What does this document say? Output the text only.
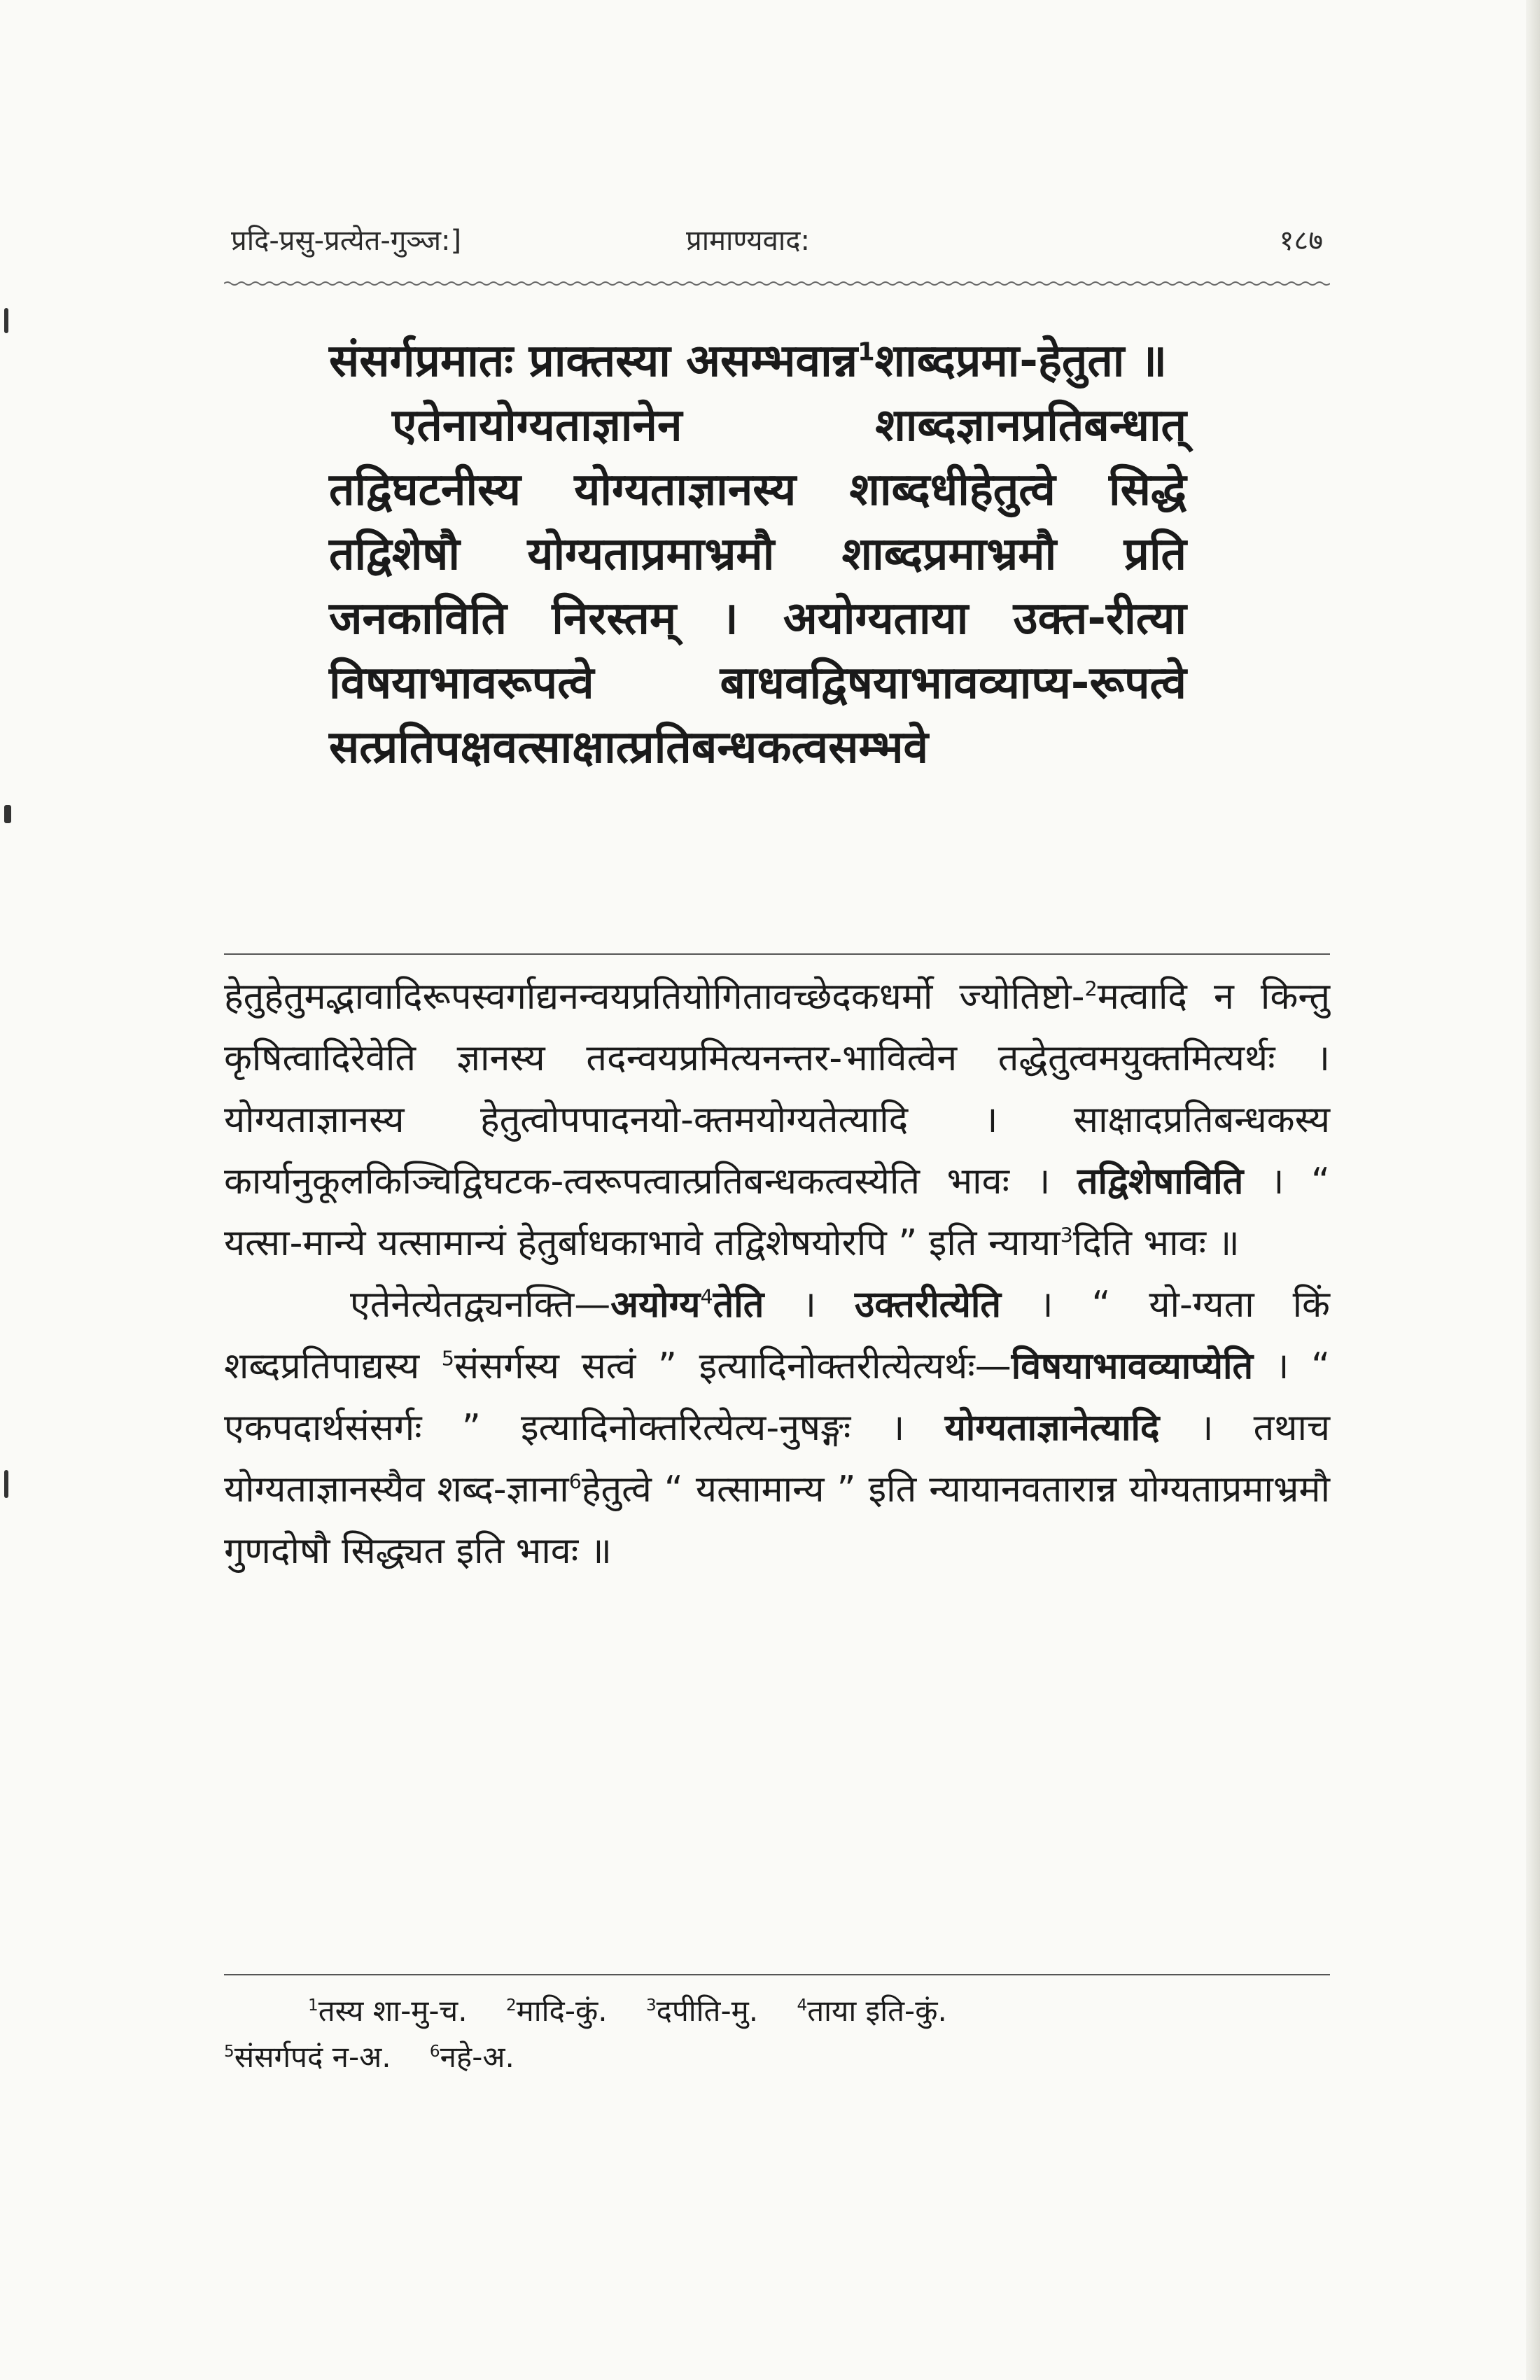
प्रदि-प्रसु-प्रत्येत-गुञ्ज:]	प्रामाण्यवाद:	१८७

संसर्गप्रमातः प्राक्तस्या असम्भवान्न$^1$शाब्दप्रमा-हेतुता ॥

एतेनायोग्यताज्ञानेन शाब्दज्ञानप्रतिबन्धात् तद्विघटनीस्य योग्यताज्ञानस्य शाब्दधीहेतुत्वे सिद्धे तद्विशेषौ योग्यताप्रमाभ्रमौ शाब्दप्रमाभ्रमौ प्रति जनकाविति निरस्तम् । अयोग्यताया उक्त-रीत्या विषयाभावरूपत्वे बाधवद्विषयाभावव्याप्य-रूपत्वे सत्प्रतिपक्षवत्साक्षात्प्रतिबन्धकत्वसम्भवे

हेतुहेतुमद्भावादिरूपस्वर्गाद्यनन्वयप्रतियोगितावच्छेदकधर्मो ज्योतिष्टो-$^2$मत्वादि न किन्तु कृषित्वादिरेवेति ज्ञानस्य तदन्वयप्रमित्यनन्तर-भावित्वेन तद्धेतुत्वमयुक्तमित्यर्थः । योग्यताज्ञानस्य हेतुत्वोपपादनयो-क्तमयोग्यतेत्यादि । साक्षादप्रतिबन्धकस्य कार्यानुकूलकिञ्चिद्विघटक-त्वरूपत्वात्प्रतिबन्धकत्वस्येति भावः । तद्विशेषाविति । “ यत्सा-मान्ये यत्सामान्यं हेतुर्बाधकाभावे तद्विशेषयोरपि ” इति न्याया$^3$दिति भावः ॥

एतेनेत्येतद्व्यनक्ति—अयोग्य$^4$तेति । उक्तरीत्येति । “ यो-ग्यता किं शब्दप्रतिपाद्यस्य $^5$संसर्गस्य सत्वं ” इत्यादिनोक्तरीत्येत्यर्थः—विषयाभावव्याप्येति । “ एकपदार्थसंसर्गः ” इत्यादिनोक्तरित्येत्य-नुषङ्गः । योग्यताज्ञानेत्यादि । तथाच योग्यताज्ञानस्यैव शब्द-ज्ञाना$^6$हेतुत्वे “ यत्सामान्य ” इति न्यायानवतारान्न योग्यताप्रमाभ्रमौ गुणदोषौ सिद्ध्यत इति भावः ॥

$^1$तस्य शा-मु-च. $^2$मादि-कुं. $^3$दपीति-मु. $^4$ताया इति-कुं.
$^5$संसर्गपदं न-अ. $^6$नहे-अ.
